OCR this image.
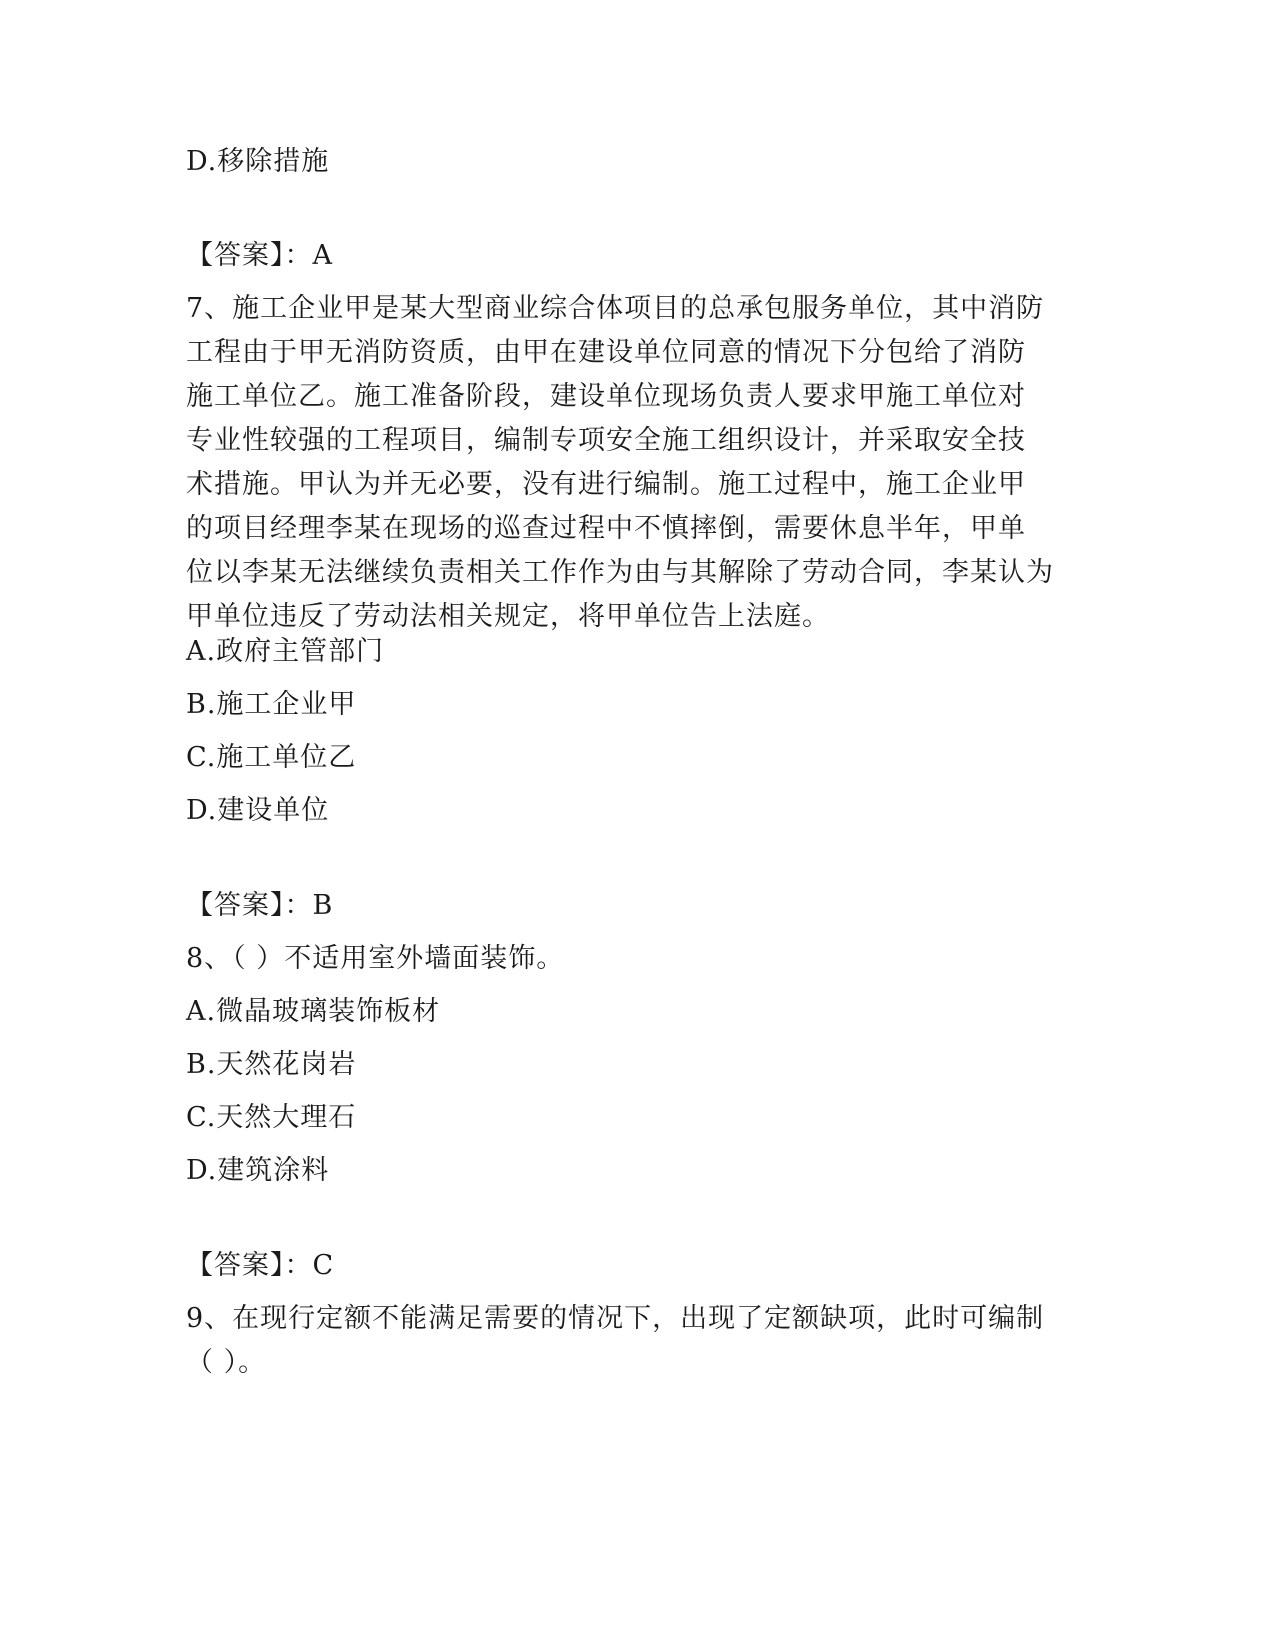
D.移除措施
【答案】：A
7、施工企业甲是某大型商业综合体项目的总承包服务单位，其中消防
工程由于甲无消防资质，由甲在建设单位同意的情况下分包给了消防
施工单位乙。施工准备阶段，建设单位现场负责人要求甲施工单位对
专业性较强的工程项目，编制专项安全施工组织设计，并采取安全技
术措施。甲认为并无必要，没有进行编制。施工过程中，施工企业甲
的项目经理李某在现场的巡查过程中不慎摔倒，需要休息半年，甲单
位以李某无法继续负责相关工作作为由与其解除了劳动合同，李某认为
甲单位违反了劳动法相关规定，将甲单位告上法庭。
A.政府主管部门
B.施工企业甲
C.施工单位乙
D.建设单位
【答案】：B
8、（ ）不适用室外墙面装饰。
A.微晶玻璃装饰板材
B.天然花岗岩
C.天然大理石
D.建筑涂料
【答案】：C
9、在现行定额不能满足需要的情况下，出现了定额缺项，此时可编制
（ ）。
